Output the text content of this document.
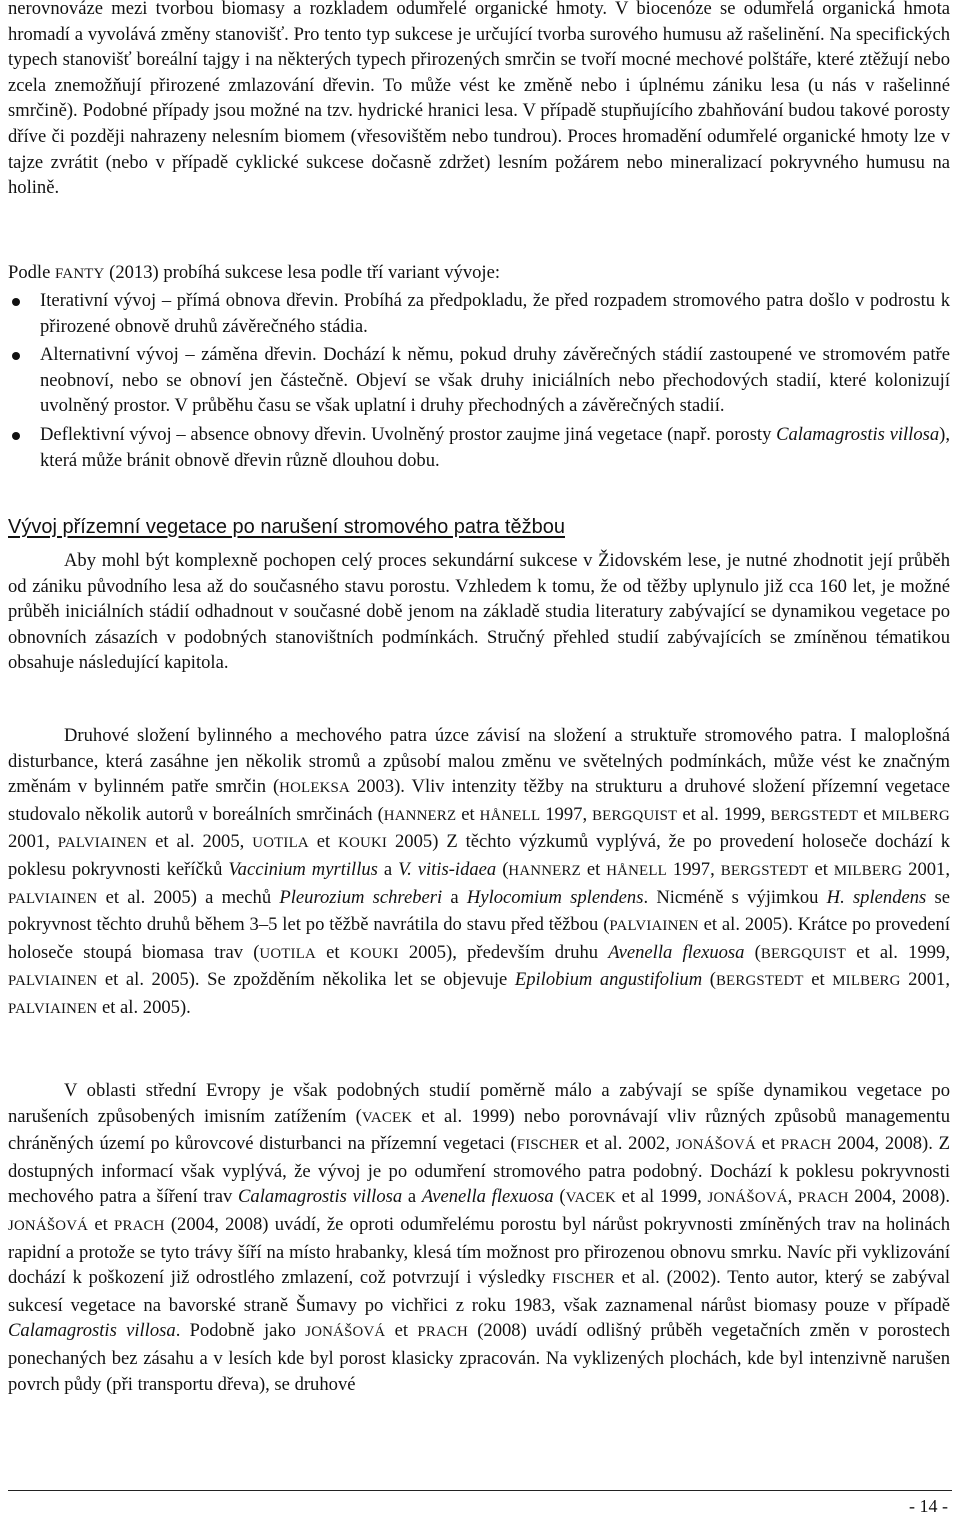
nerovnováze mezi tvorbou biomasy a rozkladem odumřelé organické hmoty. V biocenóze se odumřelá organická hmota hromadí a vyvolává změny stanovišť. Pro tento typ sukcese je určující tvorba surového humusu až rašelinění. Na specifických typech stanovišť boreální tajgy i na některých typech přirozených smrčin se tvoří mocné mechové polštáře, které ztěžují nebo zcela znemožňují přirozené zmlazování dřevin. To může vést ke změně nebo i úplnému zániku lesa (u nás v rašelinné smrčině). Podobné případy jsou možné na tzv. hydrické hranici lesa. V případě stupňujícího zbahňování budou takové porosty dříve či později nahrazeny nelesním biomem (vřesovištěm nebo tundrou). Proces hromadění odumřelé organické hmoty lze v tajze zvrátit (nebo v případě cyklické sukcese dočasně zdržet) lesním požárem nebo mineralizací pokryvného humusu na holině.

Podle FANTY (2013) probíhá sukcese lesa podle tří variant vývoje:

Iterativní vývoj – přímá obnova dřevin. Probíhá za předpokladu, že před rozpadem stromového patra došlo v podrostu k přirozené obnově druhů závěrečného stádia.
Alternativní vývoj – záměna dřevin. Dochází k němu, pokud druhy závěrečných stádií zastoupené ve stromovém patře neobnoví, nebo se obnoví jen částečně. Objeví se však druhy iniciálních nebo přechodových stadií, které kolonizují uvolněný prostor. V průběhu času se však uplatní i druhy přechodných a závěrečných stadií.
Deflektivní vývoj – absence obnovy dřevin. Uvolněný prostor zaujme jiná vegetace (např. porosty Calamagrostis villosa), která může bránit obnově dřevin různě dlouhou dobu.
Vývoj přízemní vegetace po narušení stromového patra těžbou

Aby mohl být komplexně pochopen celý proces sekundární sukcese v Židovském lese, je nutné zhodnotit její průběh od zániku původního lesa až do současného stavu porostu. Vzhledem k tomu, že od těžby uplynulo již cca 160 let, je možné průběh iniciálních stádií odhadnout v současné době jenom na základě studia literatury zabývající se dynamikou vegetace po obnovních zásazích v podobných stanovištních podmínkách. Stručný přehled studií zabývajících se zmíněnou tématikou obsahuje následující kapitola.

Druhové složení bylinného a mechového patra úzce závisí na složení a struktuře stromového patra. I maloplošná disturbance, která zasáhne jen několik stromů a způsobí malou změnu ve světelných podmínkách, může vést ke značným změnám v bylinném patře smrčin (HOLEKSA 2003). Vliv intenzity těžby na strukturu a druhové složení přízemní vegetace studovalo několik autorů v boreálních smrčinách (HANNERZ et HÅNELL 1997, BERGQUIST et al. 1999, BERGSTEDT et MILBERG 2001, PALVIAINEN et al. 2005, UOTILA et KOUKI 2005) Z těchto výzkumů vyplývá, že po provedení holoseče dochází k poklesu pokryvnosti keříčků Vaccinium myrtillus a V. vitis-idaea (HANNERZ et HÅNELL 1997, BERGSTEDT et MILBERG 2001, PALVIAINEN et al. 2005) a mechů Pleurozium schreberi a Hylocomium splendens. Nicméně s výjimkou H. splendens se pokryvnost těchto druhů během 3–5 let po těžbě navrátila do stavu před těžbou (PALVIAINEN et al. 2005). Krátce po provedení holoseče stoupá biomasa trav (UOTILA et KOUKI 2005), především druhu Avenella flexuosa (BERGQUIST et al. 1999, PALVIAINEN et al. 2005). Se zpožděním několika let se objevuje Epilobium angustifolium (BERGSTEDT et MILBERG 2001, PALVIAINEN et al. 2005).

V oblasti střední Evropy je však podobných studií poměrně málo a zabývají se spíše dynamikou vegetace po narušeních způsobených imisním zatížením (VACEK et al. 1999) nebo porovnávají vliv různých způsobů managementu chráněných území po kůrovcové disturbanci na přízemní vegetaci (FISCHER et al. 2002, JONÁŠOVÁ et PRACH 2004, 2008). Z dostupných informací však vyplývá, že vývoj je po odumření stromového patra podobný. Dochází k poklesu pokryvnosti mechového patra a šíření trav Calamagrostis villosa a Avenella flexuosa (VACEK et al 1999, JONÁŠOVÁ, PRACH 2004, 2008). JONÁŠOVÁ et PRACH (2004, 2008) uvádí, že oproti odumřelému porostu byl nárůst pokryvnosti zmíněných trav na holinách rapidní a protože se tyto trávy šíří na místo hrabanky, klesá tím možnost pro přirozenou obnovu smrku. Navíc při vyklizování dochází k poškození již odrostlého zmlazení, což potvrzují i výsledky FISCHER et al. (2002). Tento autor, který se zabýval sukcesí vegetace na bavorské straně Šumavy po vichřici z roku 1983, však zaznamenal nárůst biomasy pouze v případě Calamagrostis villosa. Podobně jako JONÁŠOVÁ et PRACH (2008) uvádí odlišný průběh vegetačních změn v porostech ponechaných bez zásahu a v lesích kde byl porost klasicky zpracován. Na vyklizených plochách, kde byl intenzivně narušen povrch půdy (při transportu dřeva), se druhové

- 14 -
